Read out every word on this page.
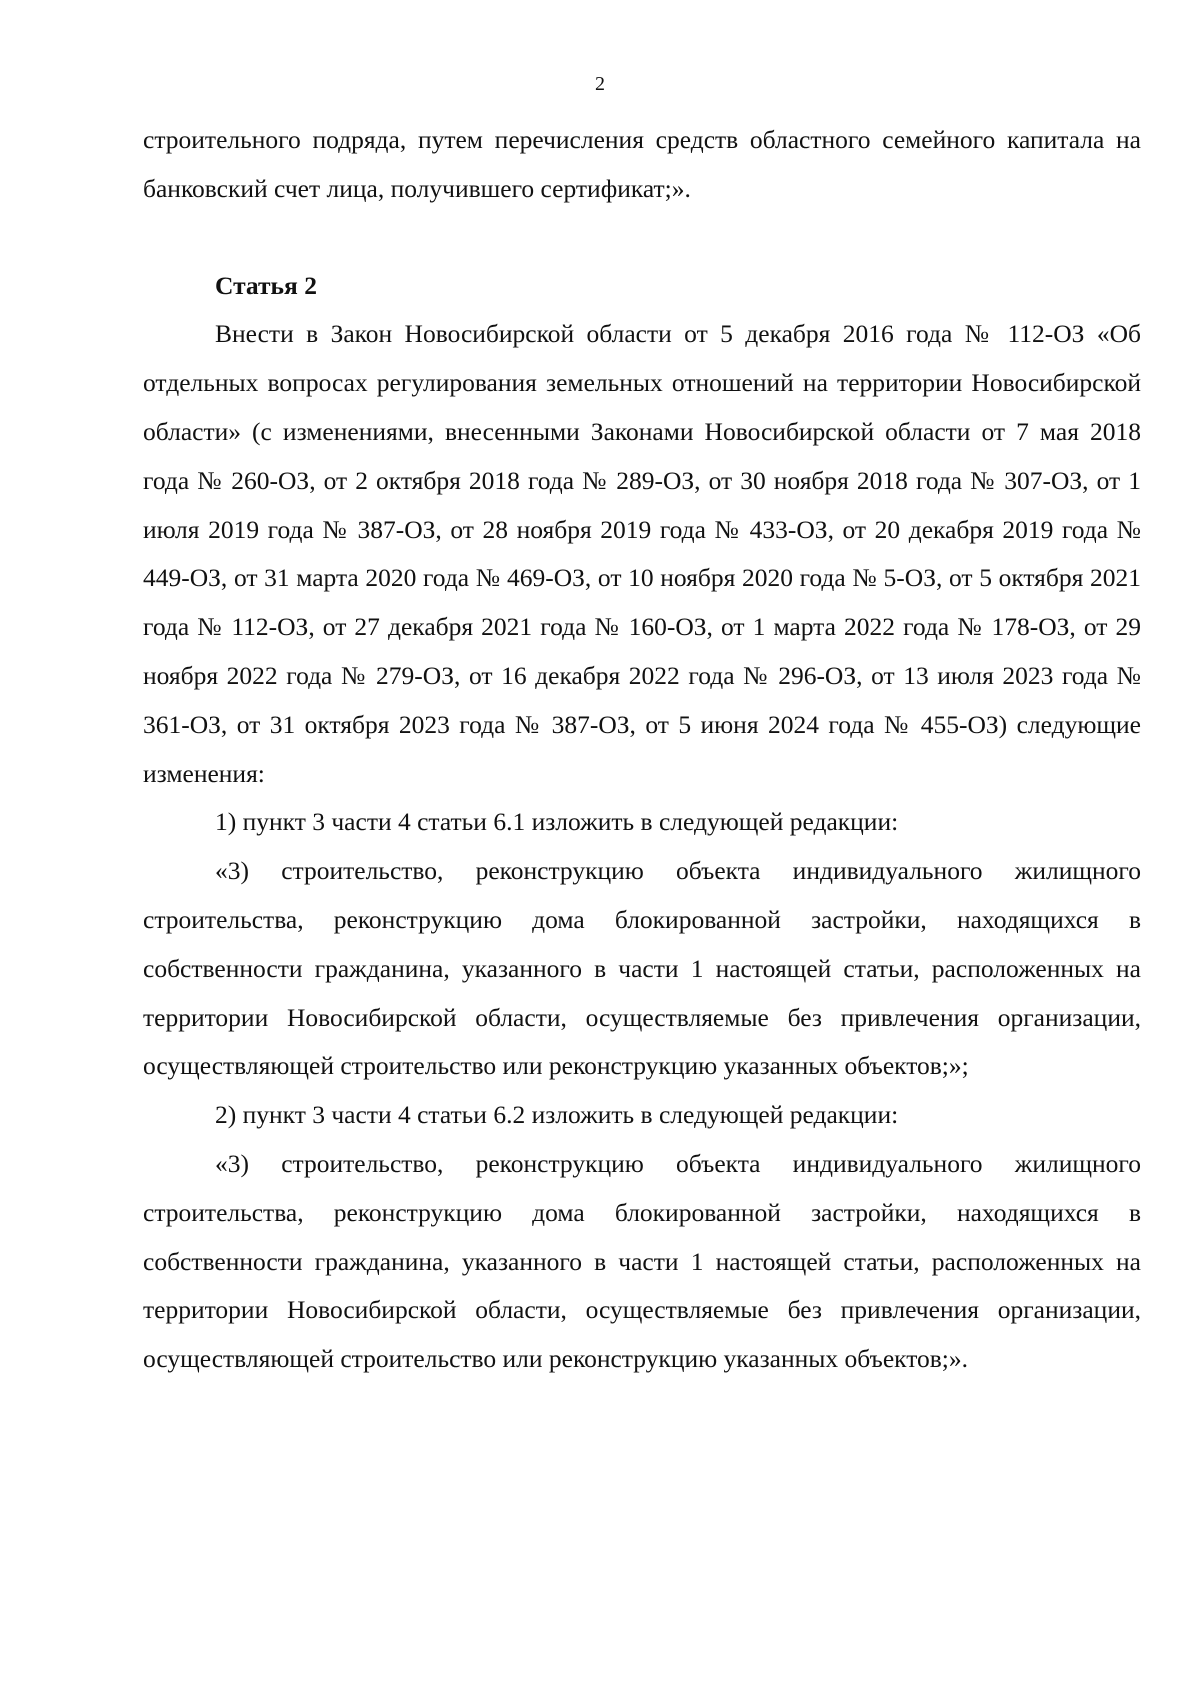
2

строительного подряда, путем перечисления средств областного семейного капитала на банковский счет лица, получившего сертификат;».

Статья 2

Внести в Закон Новосибирской области от 5 декабря 2016 года № 112-ОЗ «Об отдельных вопросах регулирования земельных отношений на территории Новосибирской области» (с изменениями, внесенными Законами Новосибирской области от 7 мая 2018 года № 260-ОЗ, от 2 октября 2018 года № 289-ОЗ, от 30 ноября 2018 года № 307-ОЗ, от 1 июля 2019 года № 387-ОЗ, от 28 ноября 2019 года № 433-ОЗ, от 20 декабря 2019 года № 449-ОЗ, от 31 марта 2020 года № 469-ОЗ, от 10 ноября 2020 года № 5-ОЗ, от 5 октября 2021 года № 112-ОЗ, от 27 декабря 2021 года № 160-ОЗ, от 1 марта 2022 года № 178-ОЗ, от 29 ноября 2022 года № 279-ОЗ, от 16 декабря 2022 года № 296-ОЗ, от 13 июля 2023 года № 361-ОЗ, от 31 октября 2023 года № 387-ОЗ, от 5 июня 2024 года № 455-ОЗ) следующие изменения:

1) пункт 3 части 4 статьи 6.1 изложить в следующей редакции:

«3) строительство, реконструкцию объекта индивидуального жилищного строительства, реконструкцию дома блокированной застройки, находящихся в собственности гражданина, указанного в части 1 настоящей статьи, расположенных на территории Новосибирской области, осуществляемые без привлечения организации, осуществляющей строительство или реконструкцию указанных объектов;»;

2) пункт 3 части 4 статьи 6.2 изложить в следующей редакции:

«3) строительство, реконструкцию объекта индивидуального жилищного строительства, реконструкцию дома блокированной застройки, находящихся в собственности гражданина, указанного в части 1 настоящей статьи, расположенных на территории Новосибирской области, осуществляемые без привлечения организации, осуществляющей строительство или реконструкцию указанных объектов;».
